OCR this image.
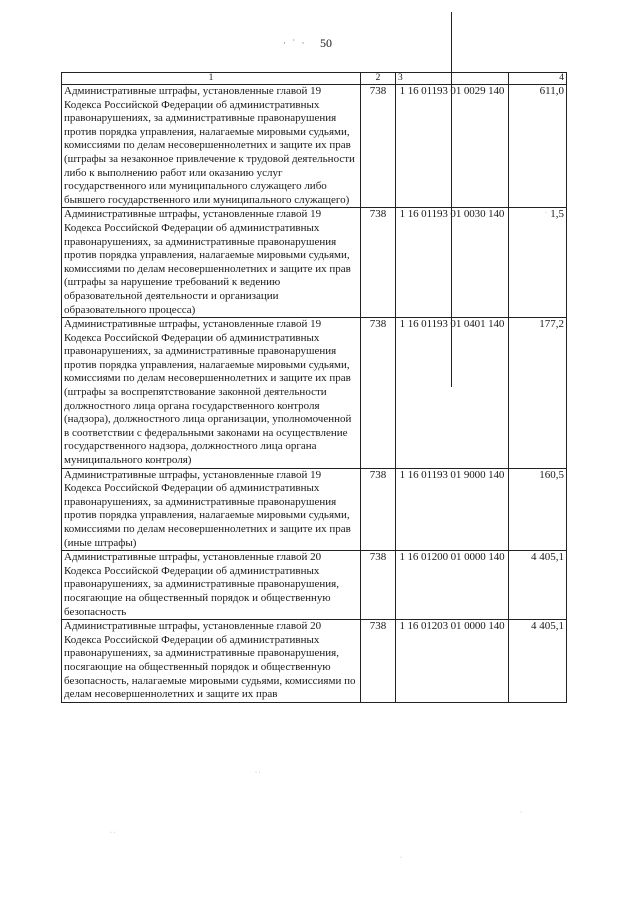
· ˙ · 50
1	2	3	4
Административные штрафы, установленные главой 19 Кодекса Российской Федерации об административных правонарушениях, за административные правонарушения против порядка управления, налагаемые мировыми судьями, комиссиями по делам несовершеннолетних и защите их прав (штрафы за незаконное привлечение к трудовой деятельности либо к выполнению работ или оказанию услуг государственного или муниципального служащего либо бывшего государственного или муниципального служащего)	738	1 16 01193 01 0029 140	611,0
Административные штрафы, установленные главой 19 Кодекса Российской Федерации об административных правонарушениях, за административные правонарушения против порядка управления, налагаемые мировыми судьями, комиссиями по делам несовершеннолетних и защите их прав (штрафы за нарушение требований к ведению образовательной деятельности и организации образовательного процесса)	738	1 16 01193 01 0030 140	1,5
Административные штрафы, установленные главой 19 Кодекса Российской Федерации об административных правонарушениях, за административные правонарушения против порядка управления, налагаемые мировыми судьями, комиссиями по делам несовершеннолетних и защите их прав (штрафы за воспрепятствование законной деятельности должностного лица органа государственного контроля (надзора), должностного лица организации, уполномоченной в соответствии с федеральными законами на осуществление государственного надзора, должностного лица органа муниципального контроля)	738	1 16 01193 01 0401 140	177,2
Административные штрафы, установленные главой 19 Кодекса Российской Федерации об административных правонарушениях, за административные правонарушения против порядка управления, налагаемые мировыми судьями, комиссиями по делам несовершеннолетних и защите их прав (иные штрафы)	738	1 16 01193 01 9000 140	160,5
Административные штрафы, установленные главой 20 Кодекса Российской Федерации об административных правонарушениях, за административные правонарушения, посягающие на общественный порядок и общественную безопасность	738	1 16 01200 01 0000 140	4 405,1
Административные штрафы, установленные главой 20 Кодекса Российской Федерации об административных правонарушениях, за административные правонарушения, посягающие на общественный порядок и общественную безопасность, налагаемые мировыми судьями, комиссиями по делам несовершеннолетних и защите их прав	738	1 16 01203 01 0000 140	4 405,1
·
· ·
·
· ·
·
